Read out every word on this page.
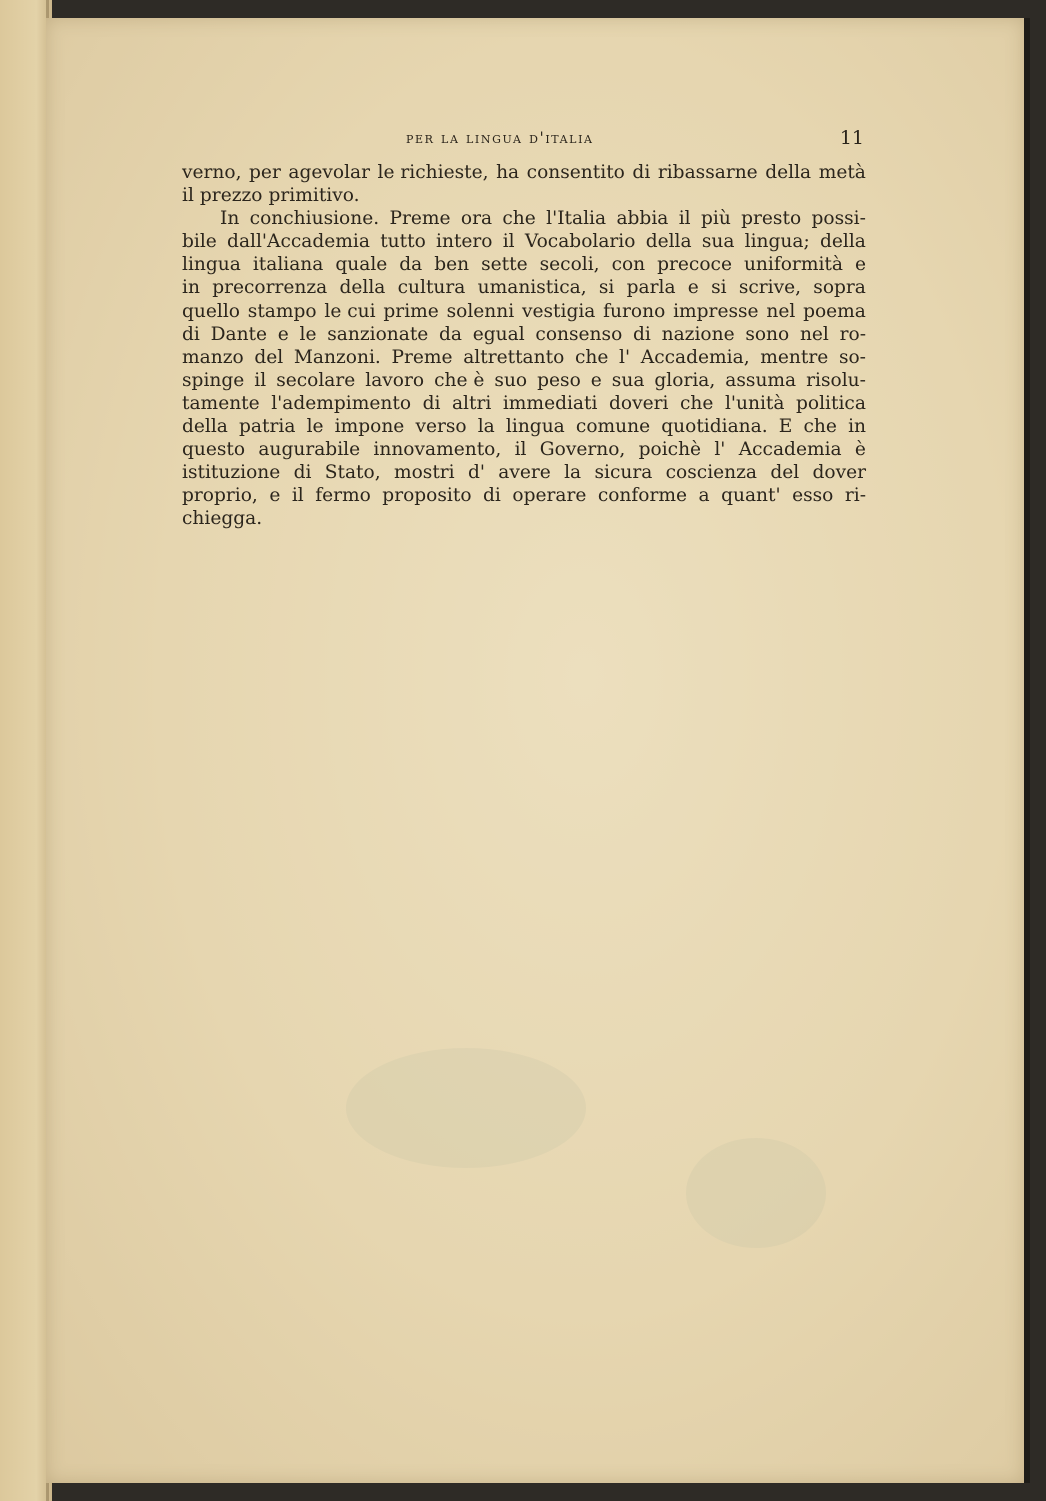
per la lingua d'italia	11
verno, per agevolar le richieste, ha consentito di ribassarne della metà
il prezzo primitivo.
In conchiusione. Preme ora che l'Italia abbia il più presto possi-
bile dall'Accademia tutto intero il Vocabolario della sua lingua; della
lingua italiana quale da ben sette secoli, con precoce uniformità e
in precorrenza della cultura umanistica, si parla e si scrive, sopra
quello stampo le cui prime solenni vestigia furono impresse nel poema
di Dante e le sanzionate da egual consenso di nazione sono nel ro-
manzo del Manzoni. Preme altrettanto che l' Accademia, mentre so-
spinge il secolare lavoro che è suo peso e sua gloria, assuma risolu-
tamente l'adempimento di altri immediati doveri che l'unità politica
della patria le impone verso la lingua comune quotidiana. E che in
questo augurabile innovamento, il Governo, poichè l' Accademia è
istituzione di Stato, mostri d' avere la sicura coscienza del dover
proprio, e il fermo proposito di operare conforme a quant' esso ri-
chiegga.
